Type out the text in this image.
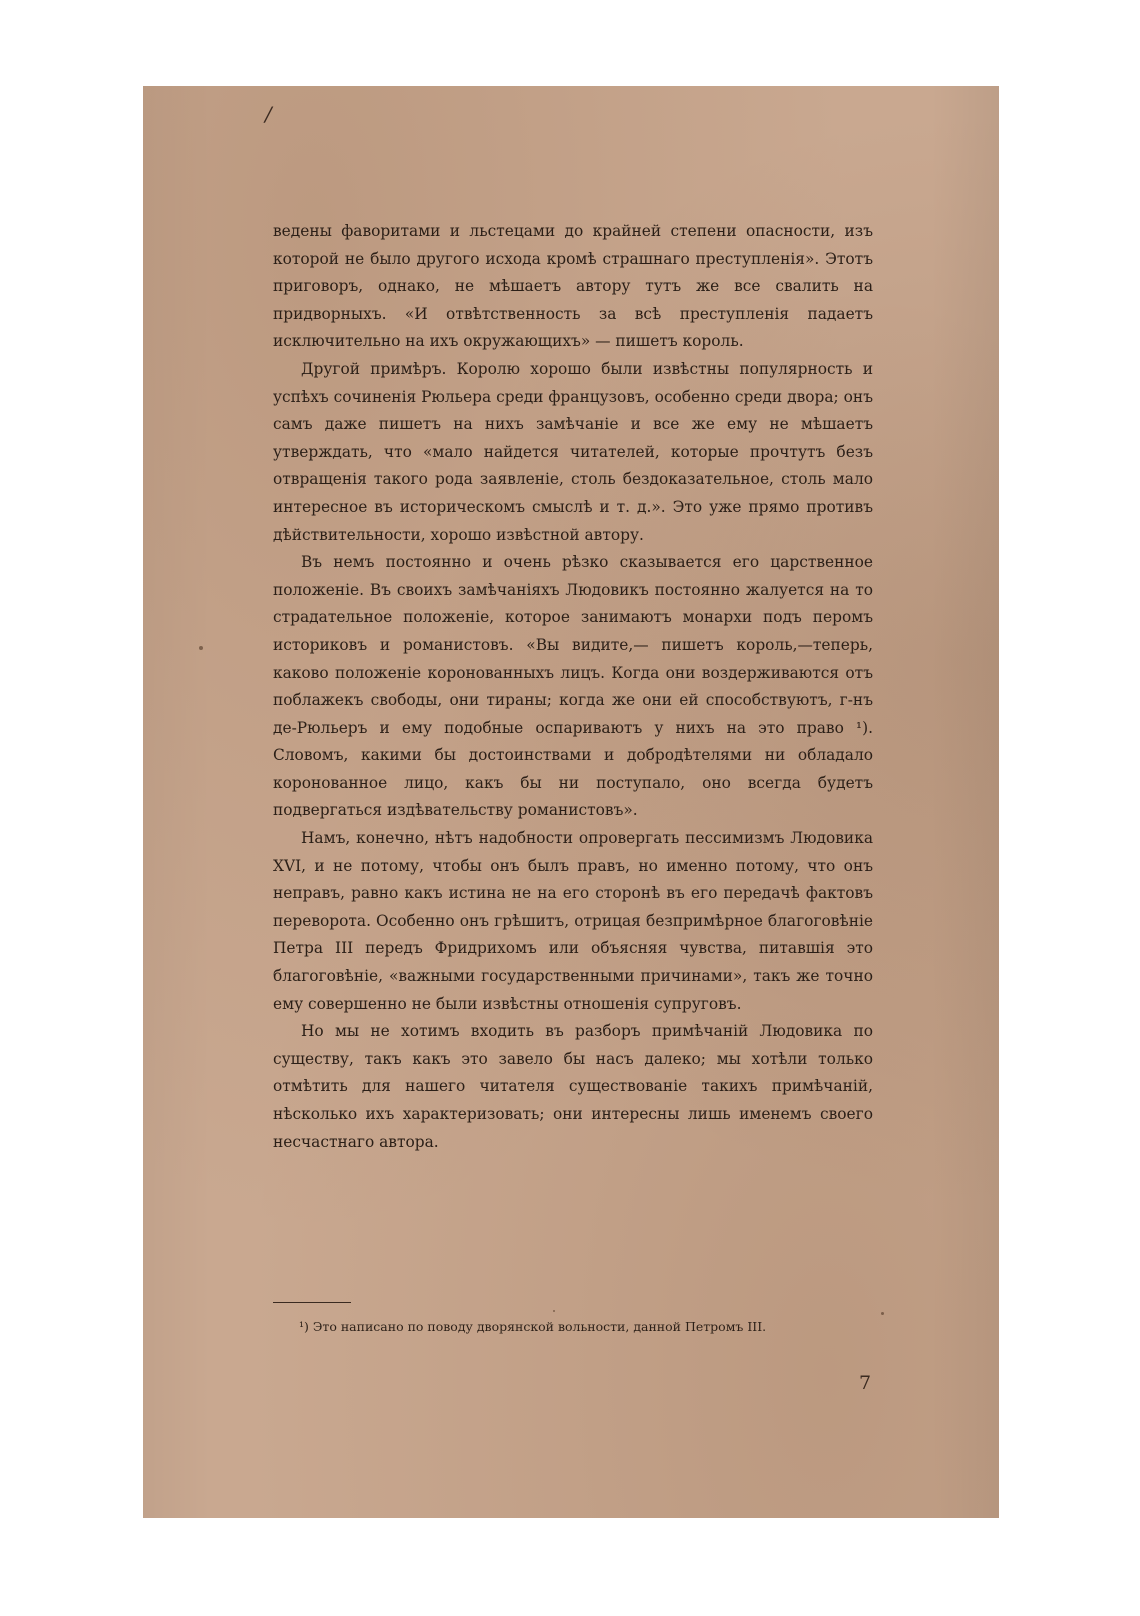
/

ведены фаворитами и льстецами до крайней степени опасности, изъ которой не было другого исхода кромѣ страшнаго преступленія». Этотъ приговоръ, однако, не мѣшаетъ автору тутъ же все свалить на придворныхъ. «И отвѣтственность за всѣ преступленія падаетъ исключительно на ихъ окружающихъ» — пишетъ король.

Другой примѣръ. Королю хорошо были извѣстны популярность и успѣхъ сочиненія Рюльера среди французовъ, особенно среди двора; онъ самъ даже пишетъ на нихъ замѣчаніе и все же ему не мѣшаетъ утверждать, что «мало найдется читателей, которые прочтутъ безъ отвращенія такого рода заявленіе, столь бездоказательное, столь мало интересное въ историческомъ смыслѣ и т. д.». Это уже прямо противъ дѣйствительности, хорошо извѣстной автору.

Въ немъ постоянно и очень рѣзко сказывается его царственное положеніе. Въ своихъ замѣчаніяхъ Людовикъ постоянно жалуется на то страдательное положеніе, которое занимаютъ монархи подъ перомъ историковъ и романистовъ. «Вы видите,— пишетъ король,—теперь, каково положеніе коронованныхъ лицъ. Когда они воздерживаются отъ поблажекъ свободы, они тираны; когда же они ей способствуютъ, г-нъ де-Рюльеръ и ему подобные оспариваютъ у нихъ на это право ¹). Словомъ, какими бы достоинствами и добродѣтелями ни обладало коронованное лицо, какъ бы ни поступало, оно всегда будетъ подвергаться издѣвательству романистовъ».

Намъ, конечно, нѣтъ надобности опровергать пессимизмъ Людовика XVI, и не потому, чтобы онъ былъ правъ, но именно потому, что онъ неправъ, равно какъ истина не на его сторонѣ въ его передачѣ фактовъ переворота. Особенно онъ грѣшитъ, отрицая безпримѣрное благоговѣніе Петра III передъ Фридрихомъ или объясняя чувства, питавшія это благоговѣніе, «важными государственными причинами», такъ же точно ему совершенно не были извѣстны отношенія супруговъ.

Но мы не хотимъ входить въ разборъ примѣчаній Людовика по существу, такъ какъ это завело бы насъ далеко; мы хотѣли только отмѣтить для нашего читателя существованіе такихъ примѣчаній, нѣсколько ихъ характеризовать; они интересны лишь именемъ своего несчастнаго автора.

¹) Это написано по поводу дворянской вольности, данной Петромъ III.
7
